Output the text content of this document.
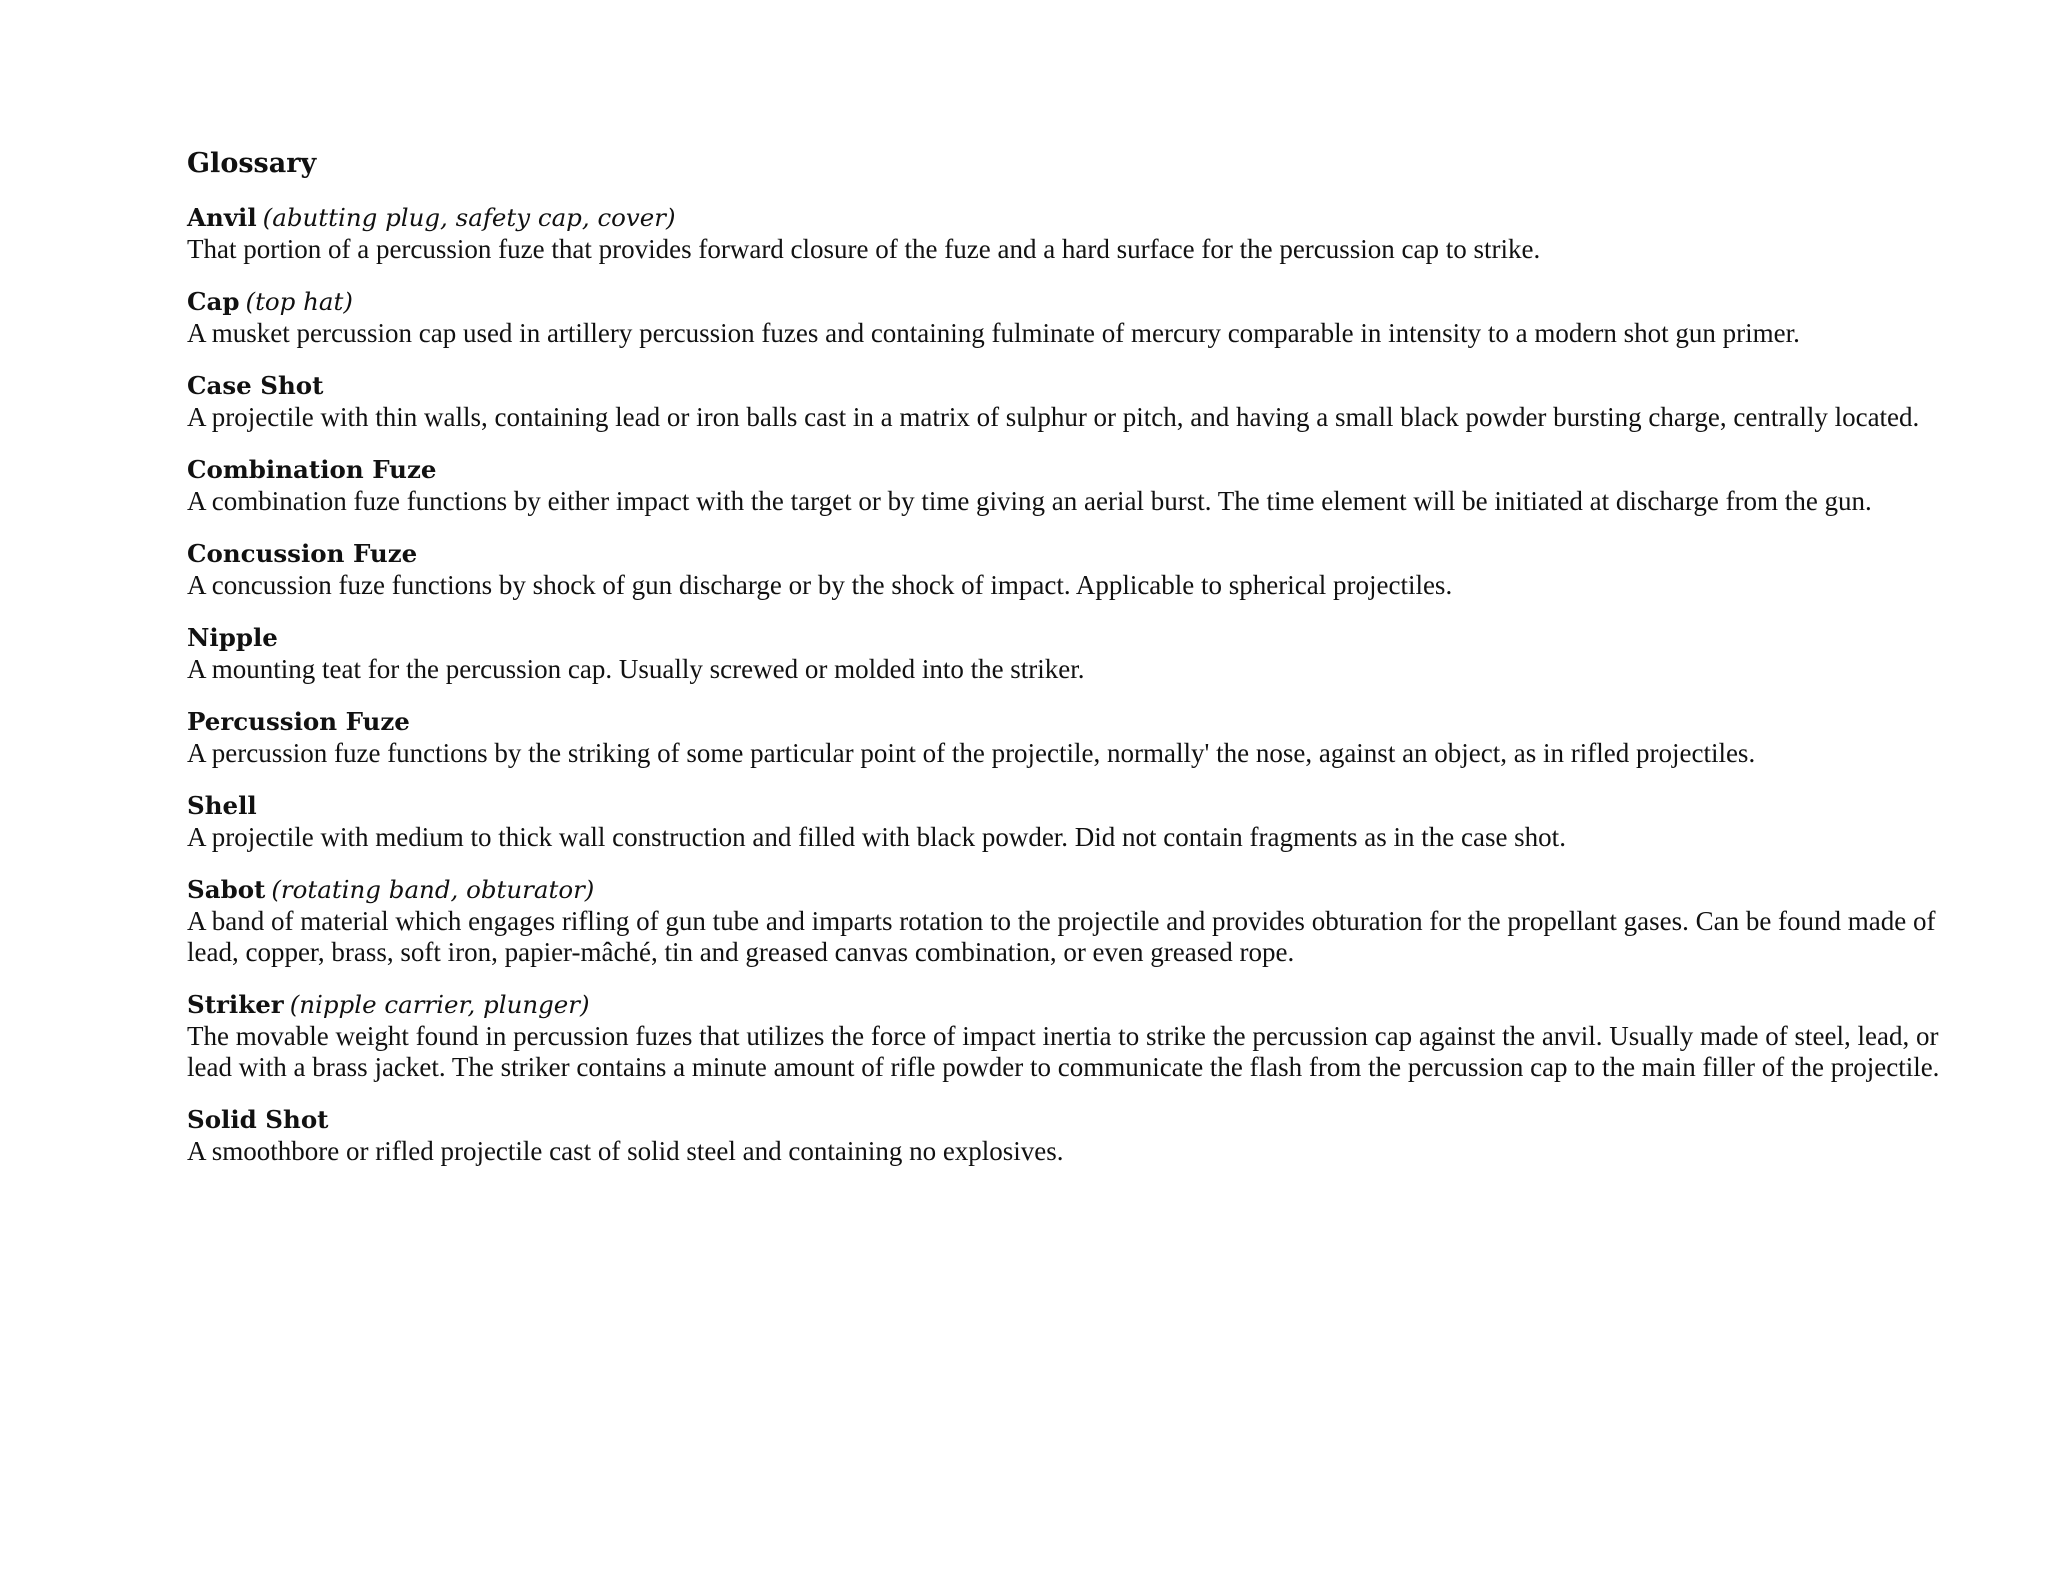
Glossary
Anvil (abutting plug, safety cap, cover)
That portion of a percussion fuze that provides forward closure of the fuze and a hard surface for the percussion cap to strike.
Cap (top hat)
A musket percussion cap used in artillery percussion fuzes and containing fulminate of mercury comparable in intensity to a modern shot gun primer.
Case Shot
A projectile with thin walls, containing lead or iron balls cast in a matrix of sulphur or pitch, and having a small black powder bursting charge, centrally located.
Combination Fuze
A combination fuze functions by either impact with the target or by time giving an aerial burst. The time element will be initiated at discharge from the gun.
Concussion Fuze
A concussion fuze functions by shock of gun discharge or by the shock of impact. Applicable to spherical projectiles.
Nipple
A mounting teat for the percussion cap. Usually screwed or molded into the striker.
Percussion Fuze
A percussion fuze functions by the striking of some particular point of the projectile, normally' the nose, against an object, as in rifled projectiles.
Shell
A projectile with medium to thick wall construction and filled with black powder. Did not contain fragments as in the case shot.
Sabot (rotating band, obturator)
A band of material which engages rifling of gun tube and imparts rotation to the projectile and provides obturation for the propellant gases. Can be found made of lead, copper, brass, soft iron, papier-mâché, tin and greased canvas combination, or even greased rope.
Striker (nipple carrier, plunger)
The movable weight found in percussion fuzes that utilizes the force of impact inertia to strike the percussion cap against the anvil. Usually made of steel, lead, or lead with a brass jacket. The striker contains a minute amount of rifle powder to communicate the flash from the percussion cap to the main filler of the projectile.
Solid Shot
A smoothbore or rifled projectile cast of solid steel and containing no explosives.
